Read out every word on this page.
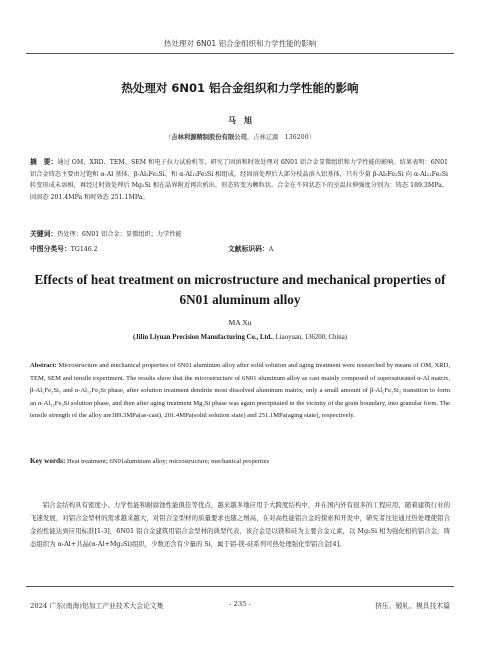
热处理对 6N01 铝合金组织和力学性能的影响
热处理对 6N01 铝合金组织和力学性能的影响
马　旭
（吉林利源精制股份有限公司，吉林辽源　136200）
摘　要：通过 OM、XRD、TEM、SEM 和电子拉力试验机等，研究了固溶和时效处理对 6N01 铝合金显微组织和力学性能的影响。结果表明：6N01 铝合金铸态主要由过饱和 α-Al 基体、β-Al₅Fe₂Si、和 α-Al₁₂Fe₃Si 相组成，经固溶处理后大部分枝晶溶入铝基体，只有少量 β-Al₅Fe₂Si 向 α-Al₁₂Fe₃Si 转变形成未溶相，再经过时效处理后 Mg₂Si 相在晶界附近再次析出，形态转变为颗粒状。合金在不同状态下的室温拉伸强度分别为：铸态 189.3MPa、固溶态 201.4MPa 和时效态 251.1MPa。
关键词：热处理；6N01 铝合金；显微组织；力学性能
中图分类号：TG146.2	文献标识码：A
Effects of heat treatment on microstructure and mechanical properties of 6N01 aluminum alloy
MA Xu
(Jilin Liyuan Precision Manufacturing Co., Ltd., Liaoyuan, 136200, China)
Abstract: Microstructure and mechanical properties of 6N01 aluminum alloy after solid solution and aging treatment were researched by means of OM, XRD, TEM, SEM and tensile experiment. The results show that the microstructure of 6N01 aluminum alloy as cast mainly composed of supersaturated α-Al matrix, β-Al₅Fe₂Si₂ and α-Al₁₂Fe₃Si phase, after solution treatment dendrite most dissolved aluminum matrix, only a small amount of β-Al₅Fe₂Si₂ transition to form an α-Al₁₂Fe₃Si solution phase, and then after aging treatment Mg₂Si phase was again precipitated in the vicinity of the grain boundary, into granular form. The tensile strength of the alloy are189.3MPa(as-cast), 201.4MPa(solid solution state) and 251.1MPa(aging state), respectively.
Key words: Heat treatment; 6N01aluminum alloy; microstructure; mechanical properties
铝合金结构具有密度小、力学性能和耐腐蚀性能俱佳等优点，越来越多地应用于大跨度结构中，并在国内外有很多的工程应用，随着建筑行业的飞速发展，对铝合金型材的需求越来越大，对铝合金型材的质量要求也随之增高，在对高性能铝合金的探索和开发中，研究者往往通过热处理使铝合金的性能达到应用标准[1-3]，6N01 铝合金建筑用铝合金型材的典型代表，该合金是以镁和硅为主要合金元素，以 Mg₂Si 相为强化相的铝合金，铸态组织为 α-Al+共晶(α-Al+Mg₂Si)组织，少数还含有少量的 Si，属于铝-镁-硅系列可热处理强化型铝合金[4]。
2024 广东(南海)铝加工产业技术大会论文集	- 235 -	挤压、锻轧、模具技术篇
